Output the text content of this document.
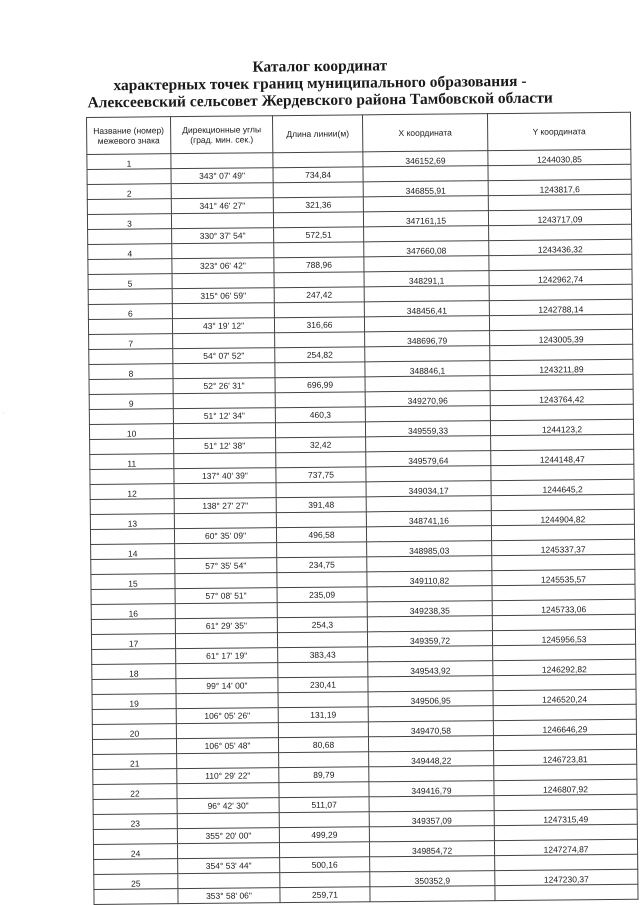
Каталог координат
характерных точек границ муниципального образования -
Алексеевский сельсовет Жердевского района Тамбовской области
Название (номер) межевого знака	Дирекционные углы (град. мин. сек.)	Длина линии(м)	X координата	Y координата
1			346152,69	1244030,85
	343° 07' 49"	734,84		
2			346855,91	1243817,6
	341° 46' 27"	321,36		
3			347161,15	1243717,09
	330° 37' 54"	572,51		
4			347660,08	1243436,32
	323° 06' 42"	788,96		
5			348291,1	1242962,74
	315° 06' 59"	247,42		
6			348456,41	1242788,14
	43° 19' 12"	316,66		
7			348696,79	1243005,39
	54° 07' 52"	254,82		
8			348846,1	1243211,89
	52° 26' 31"	696,99		
9			349270,96	1243764,42
	51° 12' 34"	460,3		
10			349559,33	1244123,2
	51° 12' 38"	32,42		
11			349579,64	1244148,47
	137° 40' 39"	737,75		
12			349034,17	1244645,2
	138° 27' 27"	391,48		
13			348741,16	1244904,82
	60° 35' 09"	496,58		
14			348985,03	1245337,37
	57° 35' 54"	234,75		
15			349110,82	1245535,57
	57° 08' 51"	235,09		
16			349238,35	1245733,06
	61° 29' 35"	254,3		
17			349359,72	1245956,53
	61° 17' 19"	383,43		
18			349543,92	1246292,82
	99° 14' 00"	230,41		
19			349506,95	1246520,24
	106° 05' 26"	131,19		
20			349470,58	1246646,29
	106° 05' 48"	80,68		
21			349448,22	1246723,81
	110° 29' 22"	89,79		
22			349416,79	1246807,92
	96° 42' 30"	511,07		
23			349357,09	1247315,49
	355° 20' 00"	499,29		
24			349854,72	1247274,87
	354° 53' 44"	500,16		
25			350352,9	1247230,37
	353° 58' 06"	259,71		
·
